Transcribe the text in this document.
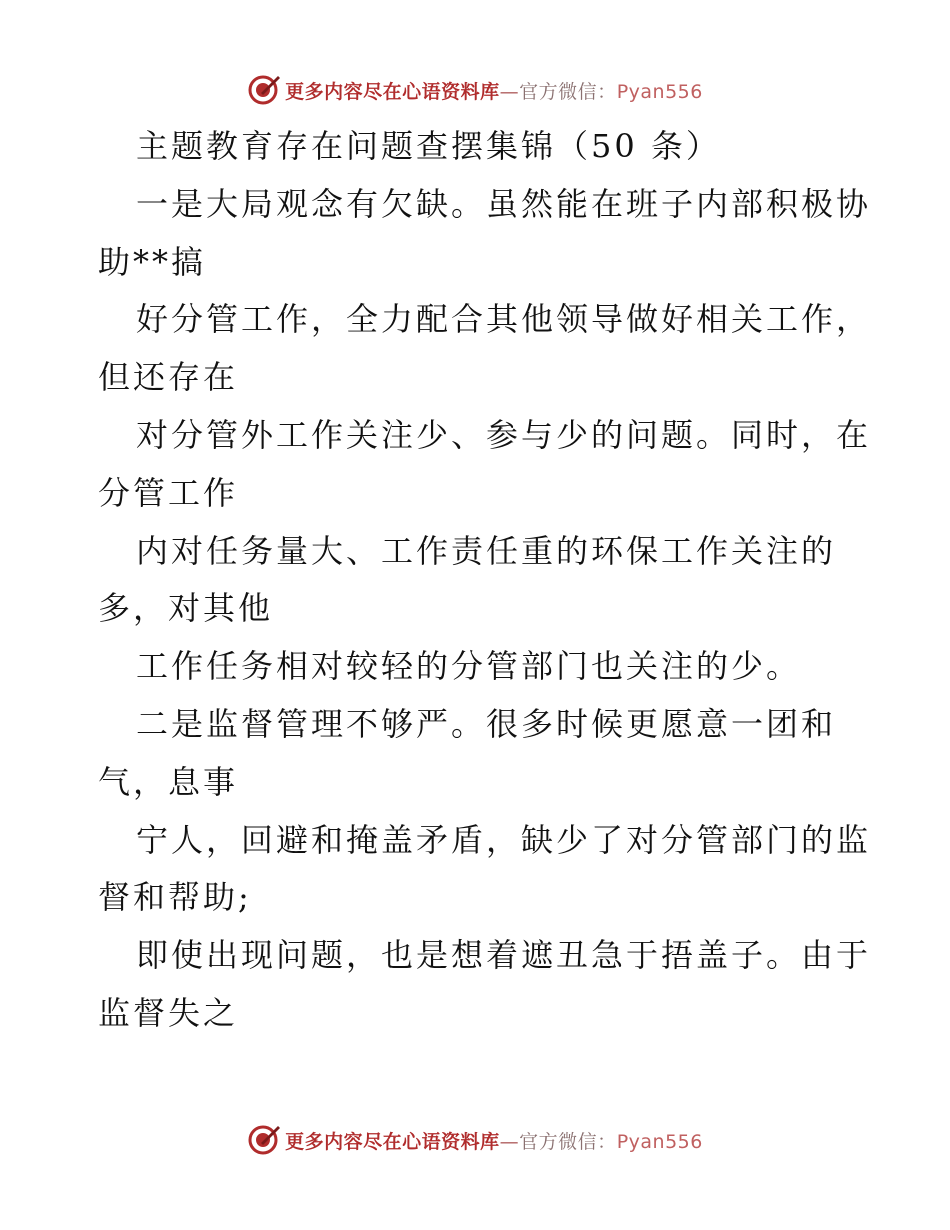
更多内容尽在心语资料库—官方微信：Pyan556
主题教育存在问题查摆集锦（50 条）
一是大局观念有欠缺。虽然能在班子内部积极协
助**搞
好分管工作，全力配合其他领导做好相关工作，
但还存在
对分管外工作关注少、参与少的问题。同时，在
分管工作
内对任务量大、工作责任重的环保工作关注的
多，对其他
工作任务相对较轻的分管部门也关注的少。
二是监督管理不够严。很多时候更愿意一团和
气，息事
宁人，回避和掩盖矛盾，缺少了对分管部门的监
督和帮助;
即使出现问题，也是想着遮丑急于捂盖子。由于
监督失之
更多内容尽在心语资料库—官方微信：Pyan556
